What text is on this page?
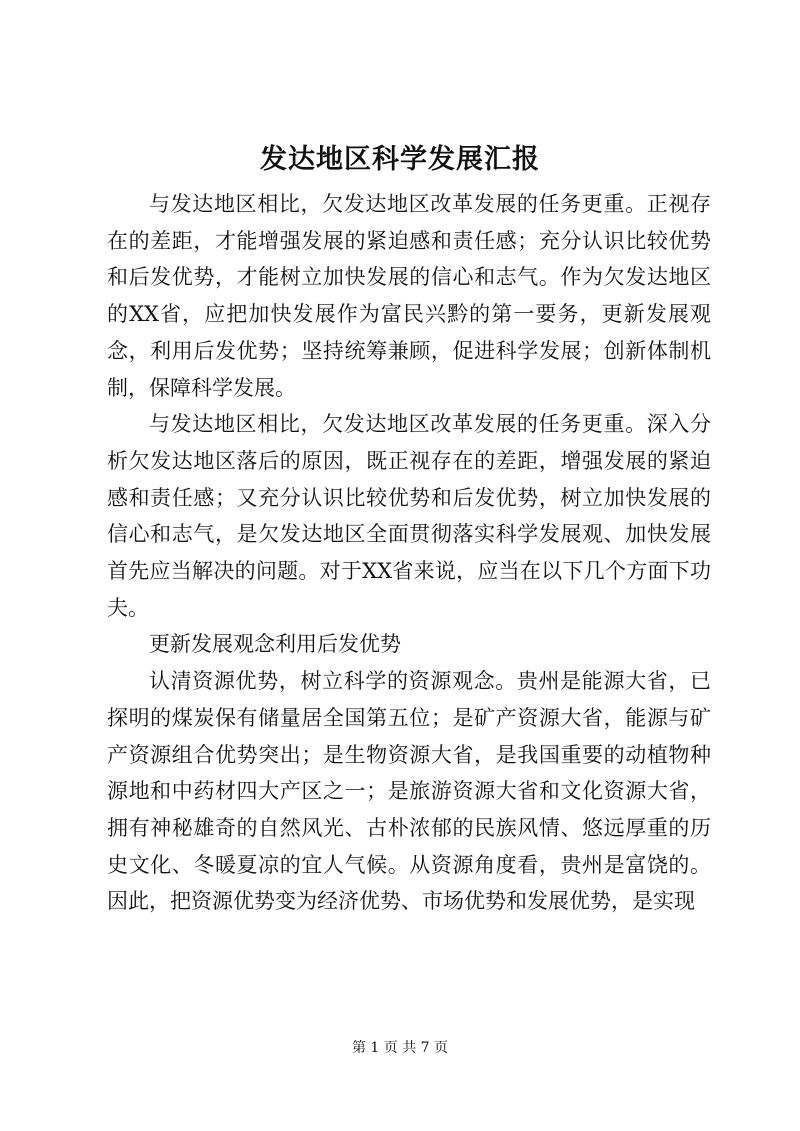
发达地区科学发展汇报

与发达地区相比，欠发达地区改革发展的任务更重。正视存在的差距，才能增强发展的紧迫感和责任感；充分认识比较优势和后发优势，才能树立加快发展的信心和志气。作为欠发达地区的XX省，应把加快发展作为富民兴黔的第一要务，更新发展观念，利用后发优势；坚持统筹兼顾，促进科学发展；创新体制机制，保障科学发展。

与发达地区相比，欠发达地区改革发展的任务更重。深入分析欠发达地区落后的原因，既正视存在的差距，增强发展的紧迫感和责任感；又充分认识比较优势和后发优势，树立加快发展的信心和志气，是欠发达地区全面贯彻落实科学发展观、加快发展首先应当解决的问题。对于XX省来说，应当在以下几个方面下功夫。

更新发展观念利用后发优势

认清资源优势，树立科学的资源观念。贵州是能源大省，已探明的煤炭保有储量居全国第五位；是矿产资源大省，能源与矿产资源组合优势突出；是生物资源大省，是我国重要的动植物种源地和中药材四大产区之一；是旅游资源大省和文化资源大省，拥有神秘雄奇的自然风光、古朴浓郁的民族风情、悠远厚重的历史文化、冬暖夏凉的宜人气候。从资源角度看，贵州是富饶的。因此，把资源优势变为经济优势、市场优势和发展优势，是实现

第 1 页 共 7 页
